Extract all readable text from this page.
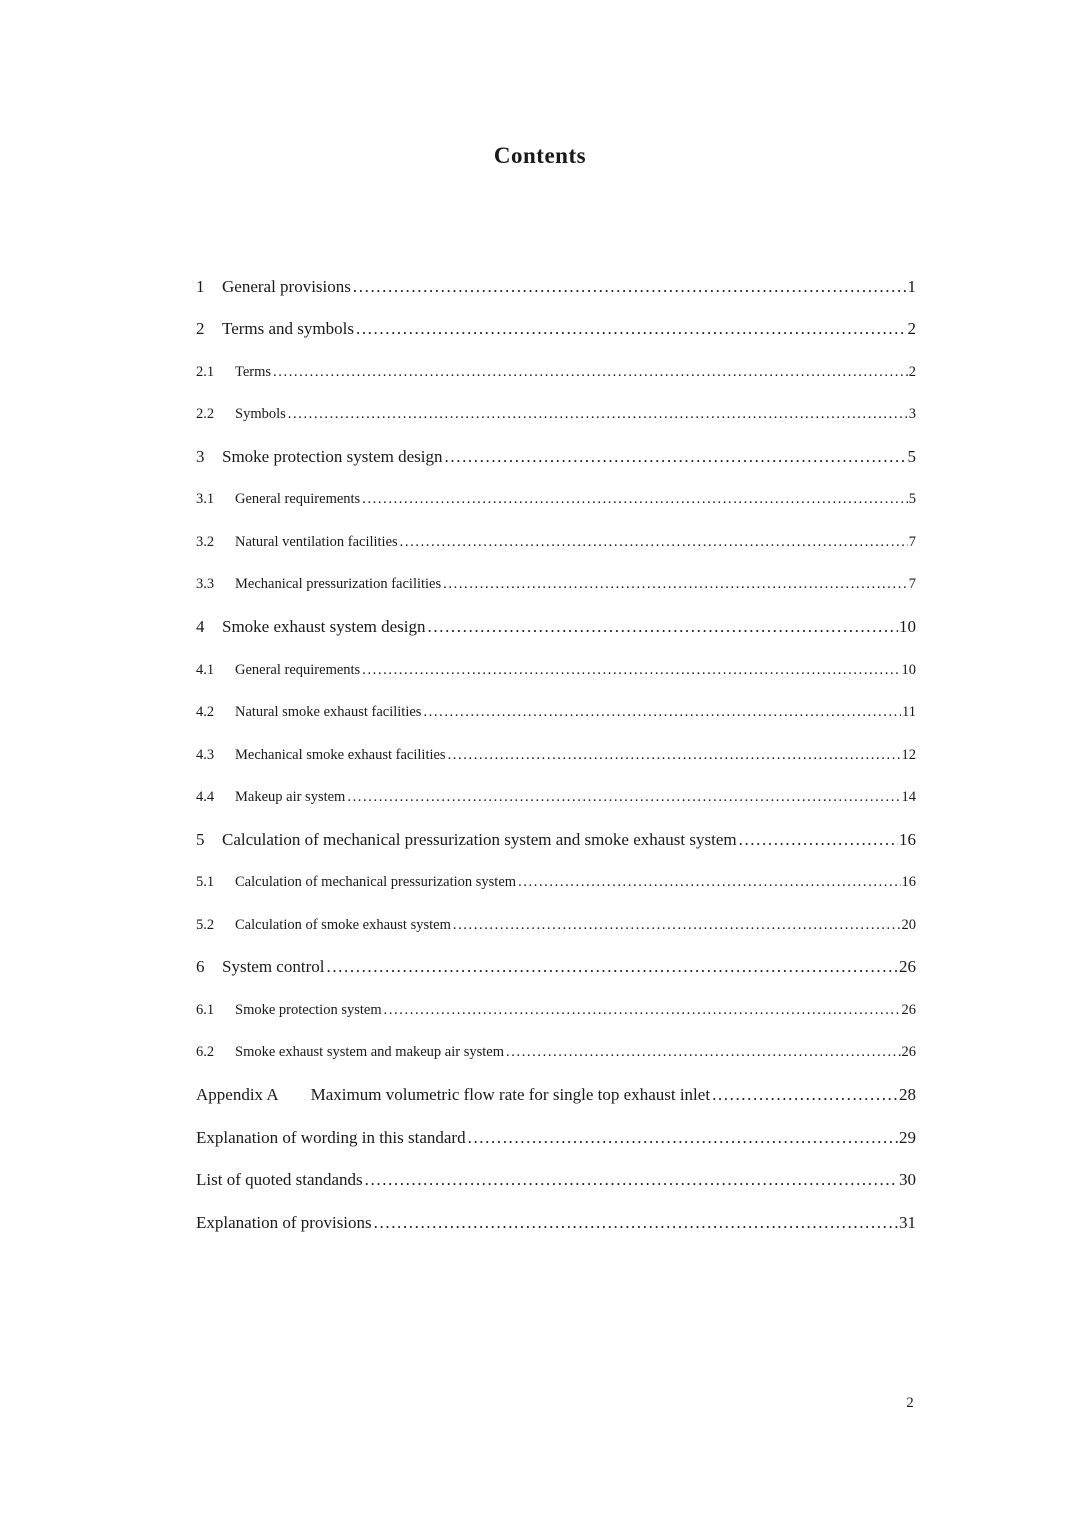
Contents
1	General provisions .....	1
2	Terms and symbols .....	2
2.1	Terms .....	2
2.2	Symbols .....	3
3	Smoke protection system design .....	5
3.1	General requirements .....	5
3.2	Natural ventilation facilities .....	7
3.3	Mechanical pressurization facilities .....	7
4	Smoke exhaust system design .....	10
4.1	General requirements .....	10
4.2	Natural smoke exhaust facilities .....	11
4.3	Mechanical smoke exhaust facilities .....	12
4.4	Makeup air system .....	14
5	Calculation of mechanical pressurization system and smoke exhaust system .....	16
5.1	Calculation of mechanical pressurization system .....	16
5.2	Calculation of smoke exhaust system .....	20
6	System control .....	26
6.1	Smoke protection system .....	26
6.2	Smoke exhaust system and makeup air system .....	26
Appendix A	Maximum volumetric flow rate for single top exhaust inlet .....	28
Explanation of wording in this standard .....	29
List of quoted standands .....	30
Explanation of provisions .....	31
2
